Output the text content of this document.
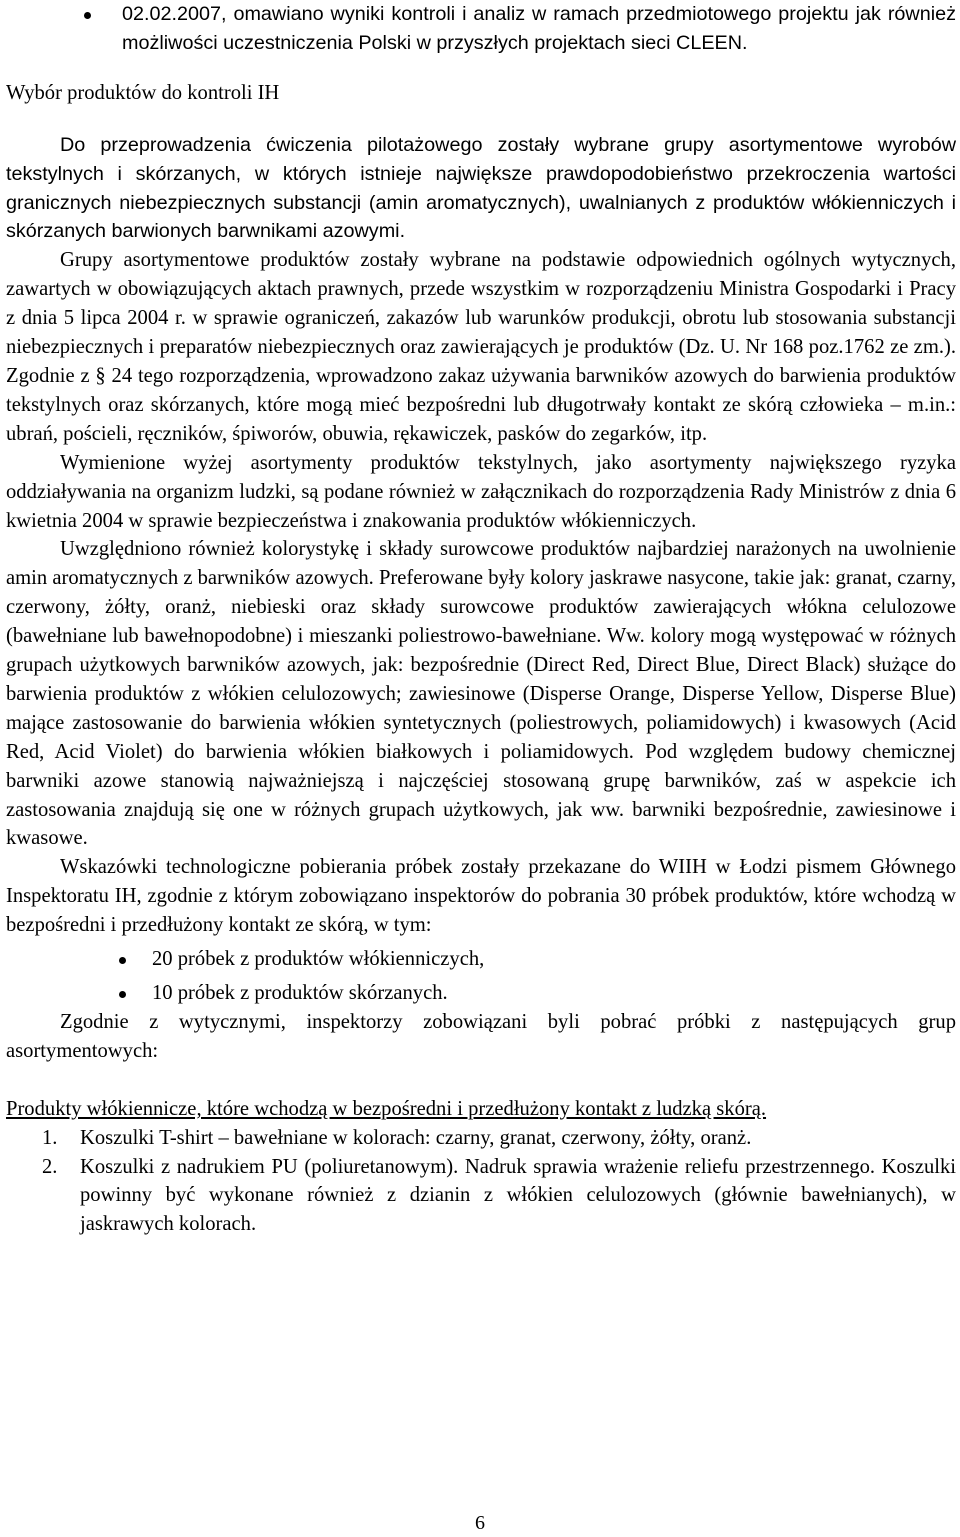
02.02.2007, omawiano wyniki kontroli i analiz w ramach przedmiotowego projektu jak również możliwości uczestniczenia Polski w przyszłych projektach sieci CLEEN.

Wybór produktów do kontroli IH

Do przeprowadzenia ćwiczenia pilotażowego zostały wybrane grupy asortymentowe wyrobów tekstylnych i skórzanych, w których istnieje największe prawdopodobieństwo przekroczenia wartości granicznych niebezpiecznych substancji (amin aromatycznych), uwalnianych z produktów włókienniczych i skórzanych barwionych barwnikami azowymi.

Grupy asortymentowe produktów zostały wybrane na podstawie odpowiednich ogólnych wytycznych, zawartych w obowiązujących aktach prawnych, przede wszystkim w rozporządzeniu Ministra Gospodarki i Pracy z dnia 5 lipca 2004 r. w sprawie ograniczeń, zakazów lub warunków produkcji, obrotu lub stosowania substancji niebezpiecznych i preparatów niebezpiecznych oraz zawierających je produktów (Dz. U. Nr 168 poz.1762 ze zm.). Zgodnie z § 24 tego rozporządzenia, wprowadzono zakaz używania barwników azowych do barwienia produktów tekstylnych oraz skórzanych, które mogą mieć bezpośredni lub długotrwały kontakt ze skórą człowieka – m.in.: ubrań, pościeli, ręczników, śpiworów, obuwia, rękawiczek, pasków do zegarków, itp.

Wymienione wyżej asortymenty produktów tekstylnych, jako asortymenty największego ryzyka oddziaływania na organizm ludzki, są podane również w załącznikach do rozporządzenia Rady Ministrów z dnia 6 kwietnia 2004 w sprawie bezpieczeństwa i znakowania produktów włókienniczych.

Uwzględniono również kolorystykę i składy surowcowe produktów najbardziej narażonych na uwolnienie amin aromatycznych z barwników azowych. Preferowane były kolory jaskrawe nasycone, takie jak: granat, czarny, czerwony, żółty, oranż, niebieski oraz składy surowcowe produktów zawierających włókna celulozowe (bawełniane lub bawełnopodobne) i mieszanki poliestrowo-bawełniane. Ww. kolory mogą występować w różnych grupach użytkowych barwników azowych, jak: bezpośrednie (Direct Red, Direct Blue, Direct Black) służące do barwienia produktów z włókien celulozowych; zawiesinowe (Disperse Orange, Disperse Yellow, Disperse Blue) mające zastosowanie do barwienia włókien syntetycznych (poliestrowych, poliamidowych) i kwasowych (Acid Red, Acid Violet) do barwienia włókien białkowych i poliamidowych. Pod względem budowy chemicznej barwniki azowe stanowią najważniejszą i najczęściej stosowaną grupę barwników, zaś w aspekcie ich zastosowania znajdują się one w różnych grupach użytkowych, jak ww. barwniki bezpośrednie, zawiesinowe i kwasowe.

Wskazówki technologiczne pobierania próbek zostały przekazane do WIIH w Łodzi pismem Głównego Inspektoratu IH, zgodnie z którym zobowiązano inspektorów do pobrania 30 próbek produktów, które wchodzą w bezpośredni i przedłużony kontakt ze skórą, w tym:

20 próbek z produktów włókienniczych,
10 próbek z produktów skórzanych.

Zgodnie z wytycznymi, inspektorzy zobowiązani byli pobrać próbki z następujących grup asortymentowych:

Produkty włókiennicze, które wchodzą w bezpośredni i przedłużony kontakt z ludzką skórą.

1. Koszulki T-shirt – bawełniane w kolorach: czarny, granat, czerwony, żółty, oranż.
2. Koszulki z nadrukiem PU (poliuretanowym). Nadruk sprawia wrażenie reliefu przestrzennego. Koszulki powinny być wykonane również z dzianin z włókien celulozowych (głównie bawełnianych), w jaskrawych kolorach.
6
